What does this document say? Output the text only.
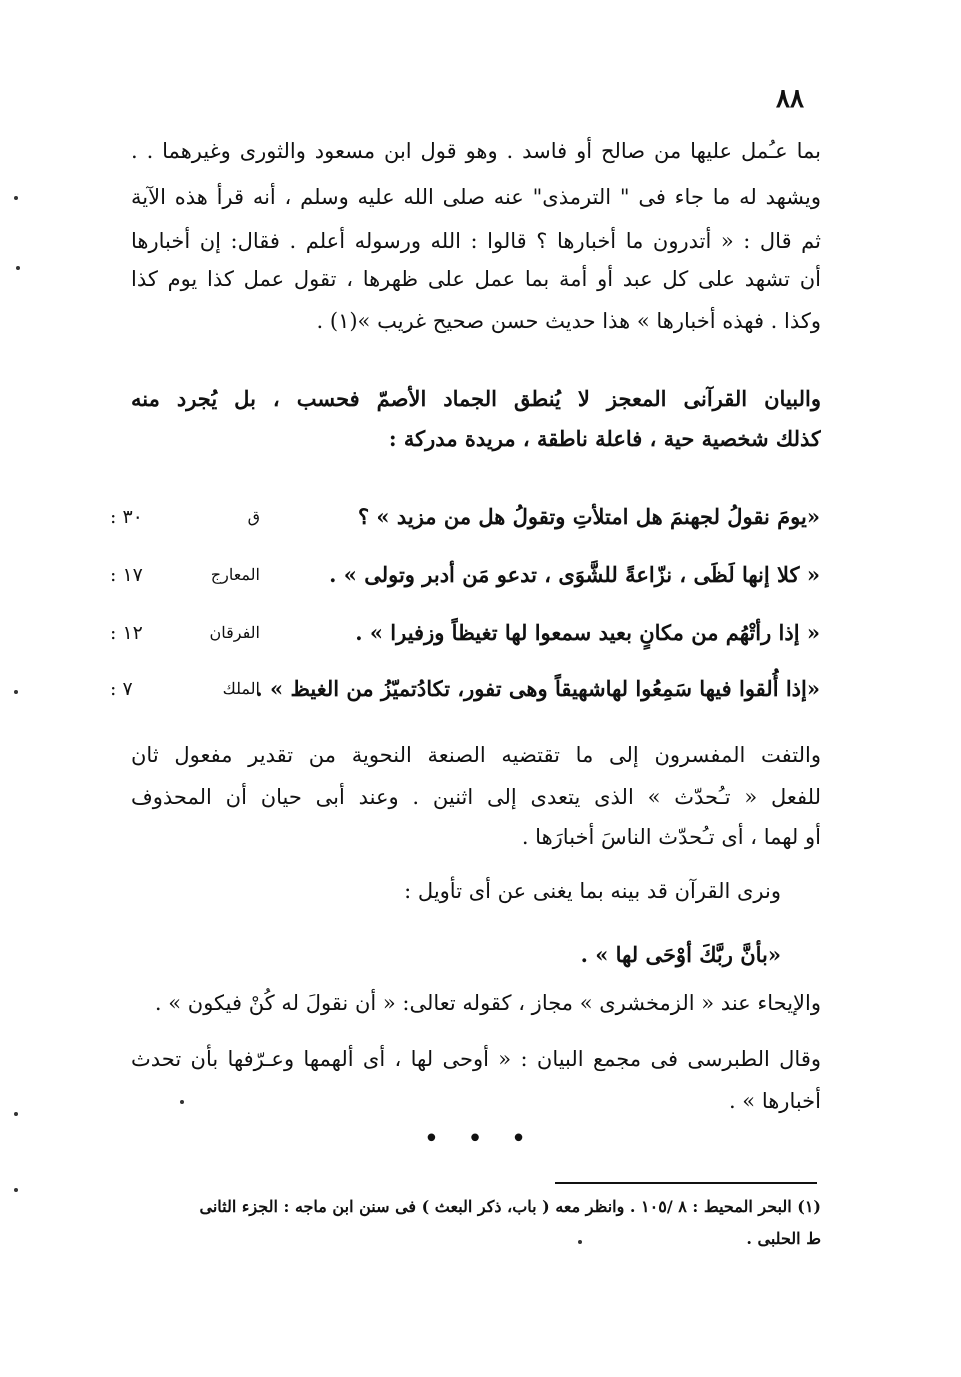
٨٨
بما عـُمل عليها من صالح أو فاسد . وهو قول ابن مسعود والثورى وغيرهما . .
ويشهد له ما جاء فى " الترمذى" عنه صلى الله عليه وسلم ، أنه قرأ هذه الآية
ثم قال : « أتدرون ما أخبارها ؟ قالوا : الله ورسوله أعلم . فقال: إن أخبارها
أن تشهد على كل عبد أو أمة بما عمل على ظهرها ، تقول عمل كذا يوم كذا
وكذا . فهذه أخبارها » هذا حديث حسن صحيح غريب »(١) .
والبيان القرآنى المعجز لا يُنطق الجماد الأصمّ فحسب ، بل يُجرد منه
كذلك شخصية حية ، فاعلة ناطقة ، مريدة مدركة :
«يومَ نقولُ لجهنمَ هل امتلأتِ وتقولُ هل من مزيد » ؟
ق
٣٠ :
« كلا إنها لَظَى ، نزّاعةً للشَّوَى ، تدعو مَن أدبر وتولى » .
المعارج
١٧ :
« إذا رأتْهُم من مكانٍ بعيد سمعوا لها تغيظاً وزفيرا » .
الفرقان
١٢ :
«إذا أُلقوا فيها سَمِعُوا لهاشهيقاً وهى تفور، تكادُتميّزُ من الغيظ » .
الملك
٧ :
والتفت المفسرون إلى ما تقتضيه الصنعة النحوية من تقدير مفعول ثان
للفعل « تـُحدّث » الذى يتعدى إلى اثنين . وعند أبى حيان أن المحذوف
أو لهما ، أى تـُحدّث الناسَ أخبارَها .
ونرى القرآن قد بينه بما يغنى عن أى تأويل :
«بأنَّ ربَّكَ أوْحَى لها » .
والإيحاء عند « الزمخشرى » مجاز ، كقوله تعالى: « أن نقولَ له كُنْ فيكون » .
وقال الطبرسى فى مجمع البيان : « أوحى لها ، أى ألهمها وعـرّفها بأن تحدث
أخبارها » .
• • •
(١) البحر المحيط : ٨ /١٠٥ . وانظر معه ( باب، ذكر البعث ) فى سنن ابن ماجه : الجزء الثانى
ط الحلبى .
